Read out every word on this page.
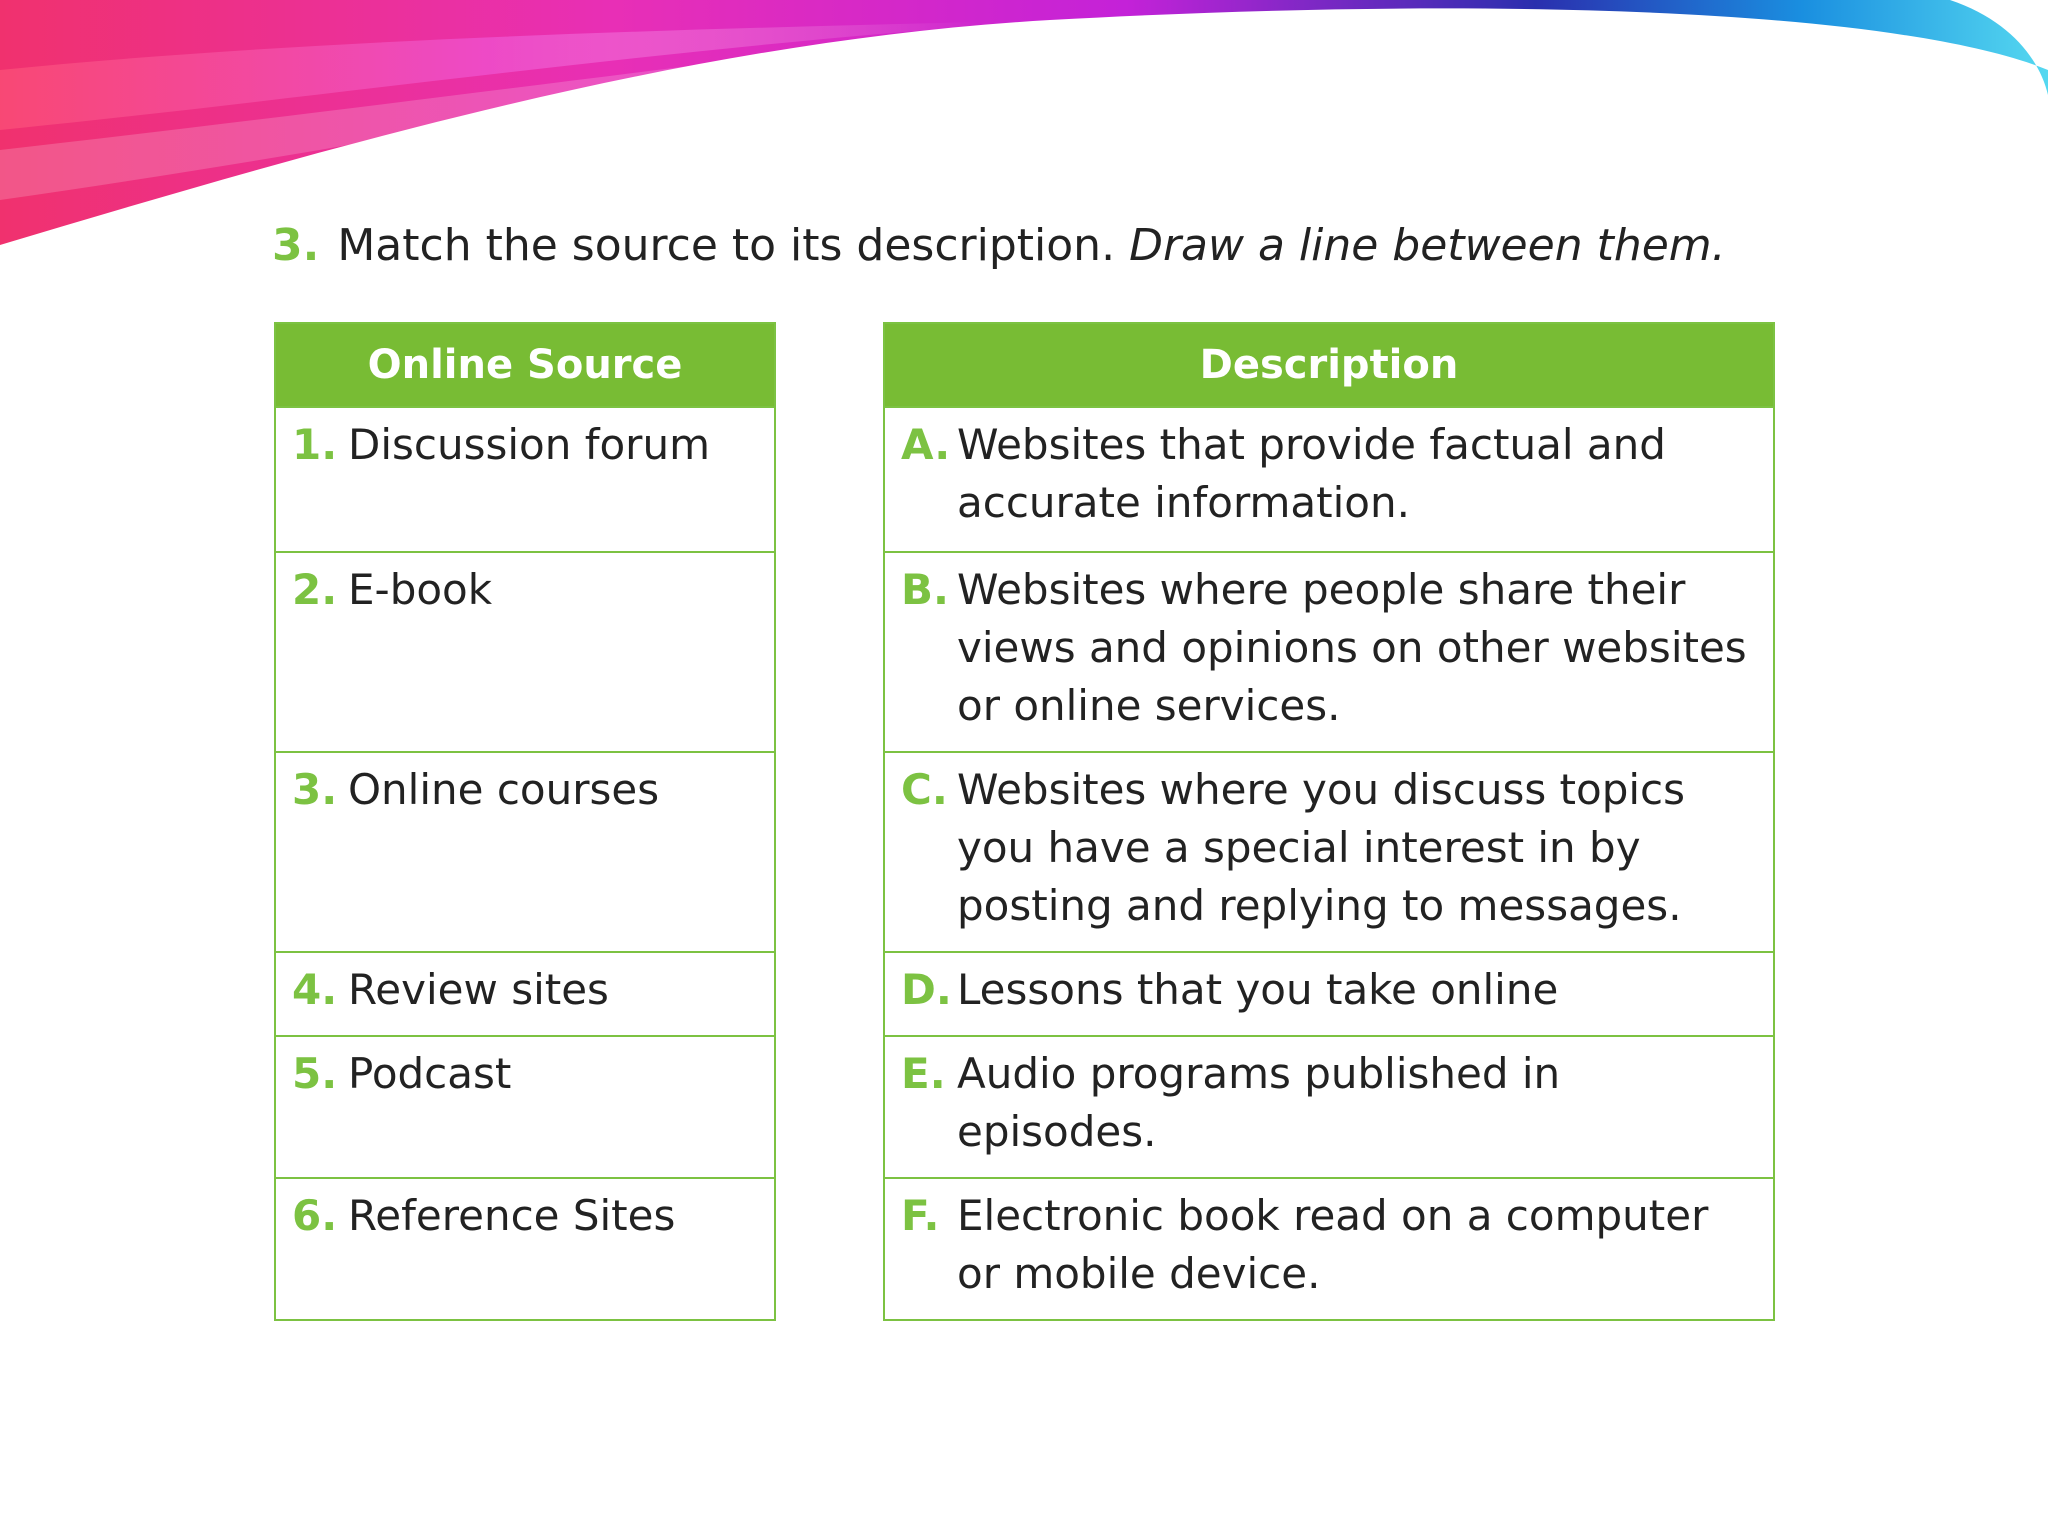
3. Match the source to its description. Draw a line between them.
Online Source

1. Discussion forum

2. E-book

3. Online courses

4. Review sites

5. Podcast

6. Reference Sites
Description

A. Websites that provide factual and accurate information.

B. Websites where people share their views and opinions on other websites or online services.

C. Websites where you discuss topics you have a special interest in by posting and replying to messages.

D. Lessons that you take online

E. Audio programs published in episodes.

F. Electronic book read on a computer or mobile device.
